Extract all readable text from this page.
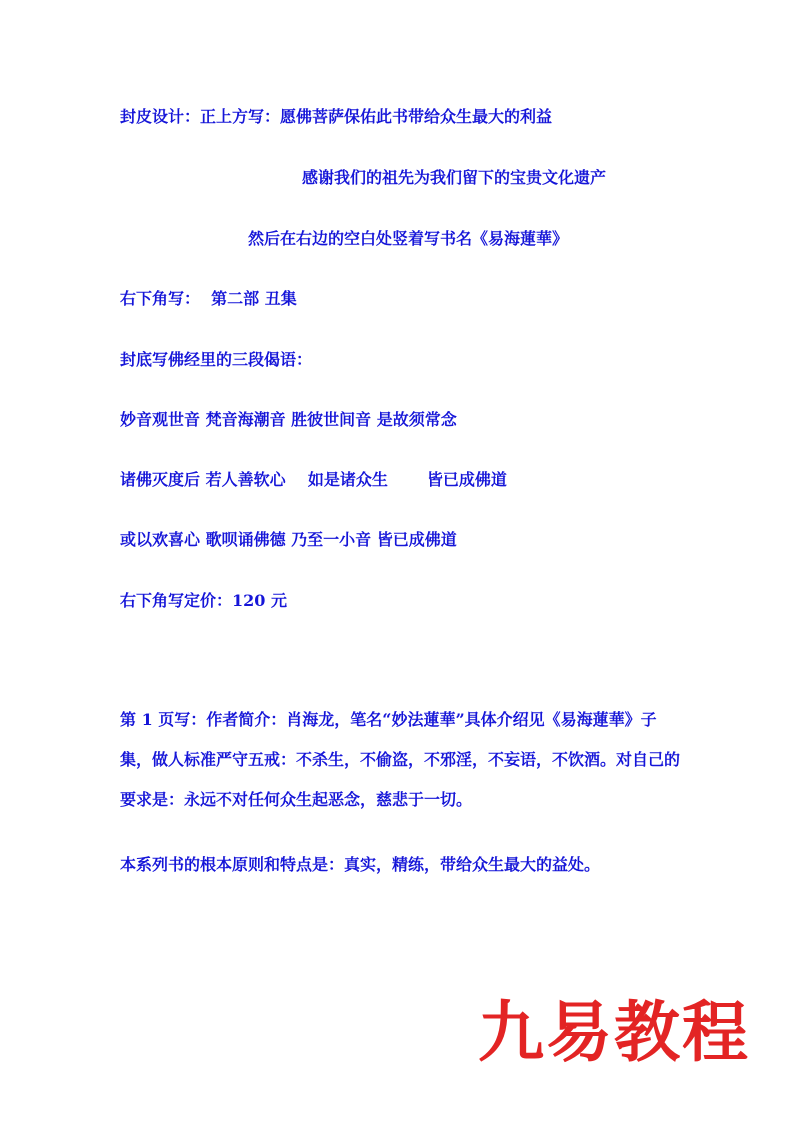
封皮设计：正上方写：愿佛菩萨保佑此书带给众生最大的利益
感谢我们的祖先为我们留下的宝贵文化遗产
然后在右边的空白处竖着写书名《易海蓮華》
右下角写：  第二部 丑集
封底写佛经里的三段偈语：
妙音观世音 梵音海潮音 胜彼世间音 是故须常念
诸佛灭度后 若人善软心    如是诸众生       皆已成佛道
或以欢喜心 歌呗诵佛德 乃至一小音 皆已成佛道
右下角写定价：120 元
第 1 页写：作者简介：肖海龙，笔名“妙法蓮華”具体介绍见《易海蓮華》子集，做人标准严守五戒：不杀生，不偷盗，不邪淫，不妄语，不饮酒。对自己的要求是：永远不对任何众生起恶念，慈悲于一切。
本系列书的根本原则和特点是：真实，精练，带给众生最大的益处。
九易教程
